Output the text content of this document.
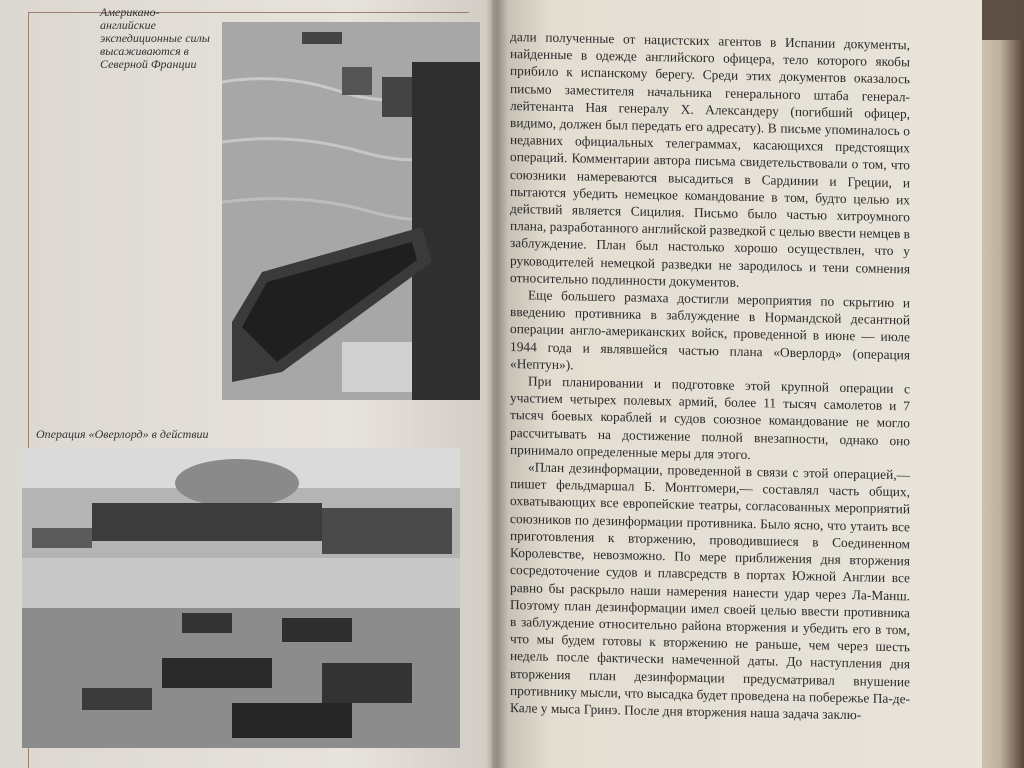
Американо-английские экспедиционные силы высаживаются в Северной Франции
Операция «Оверлорд» в действии

дали полученные от нацистских агентов в Испании документы, найденные в одежде английского офицера, тело которого якобы прибило к испанскому берегу. Среди этих документов оказалось письмо заместителя начальника генерального штаба генерал-лейтенанта Ная генералу Х. Александеру (погибший офицер, видимо, должен был передать его адресату). В письме упоминалось о недавних официальных телеграммах, касающихся предстоящих операций. Комментарии автора письма свидетельствовали о том, что союзники намереваются высадиться в Сардинии и Греции, и пытаются убедить немецкое командование в том, будто целью их действий является Сицилия. Письмо было частью хитроумного плана, разработанного английской разведкой с целью ввести немцев в заблуждение. План был настолько хорошо осуществлен, что у руководителей немецкой разведки не зародилось и тени сомнения относительно подлинности документов.

Еще большего размаха достигли мероприятия по скрытию и введению противника в заблуждение в Нормандской десантной операции англо-американских войск, проведенной в июне — июле 1944 года и являвшейся частью плана «Оверлорд» (операция «Нептун»).

При планировании и подготовке этой крупной операции с участием четырех полевых армий, более 11 тысяч самолетов и 7 тысяч боевых кораблей и судов союзное командование не могло рассчитывать на достижение полной внезапности, однако оно принимало определенные меры для этого.

«План дезинформации, проведенной в связи с этой операцией,— пишет фельдмаршал Б. Монтгомери,— составлял часть общих, охватывающих все европейские театры, согласованных мероприятий союзников по дезинформации противника. Было ясно, что утаить все приготовления к вторжению, проводившиеся в Соединенном Королевстве, невозможно. По мере приближения дня вторжения сосредоточение судов и плавсредств в портах Южной Англии все равно бы раскрыло наши намерения нанести удар через Ла-Манш. Поэтому план дезинформации имел своей целью ввести противника в заблуждение относительно района вторжения и убедить его в том, что мы будем готовы к вторжению не раньше, чем через шесть недель после фактически намеченной даты. До наступления дня вторжения план дезинформации предусматривал внушение противнику мысли, что высадка будет проведена на побережье Па-де-Кале у мыса Гринэ. После дня вторжения наша задача заклю-
